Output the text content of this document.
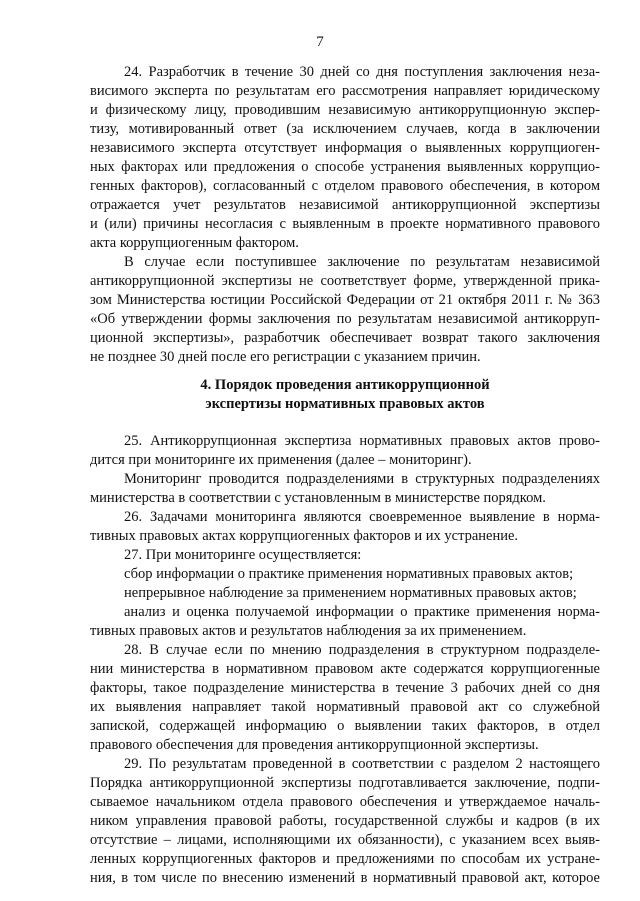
7
24. Разработчик в течение 30 дней со дня поступления заключения неза-
висимого эксперта по результатам его рассмотрения направляет юридическому
и физическому лицу, проводившим независимую антикоррупционную экспер-
тизу, мотивированный ответ (за исключением случаев, когда в заключении
независимого эксперта отсутствует информация о выявленных коррупциоген-
ных факторах или предложения о способе устранения выявленных коррупцио-
генных факторов), согласованный с отделом правового обеспечения, в котором
отражается учет результатов независимой антикоррупционной экспертизы
и (или) причины несогласия с выявленным в проекте нормативного правового
акта коррупциогенным фактором.
В случае если поступившее заключение по результатам независимой
антикоррупционной экспертизы не соответствует форме, утвержденной прика-
зом Министерства юстиции Российской Федерации от 21 октября 2011 г. № 363
«Об утверждении формы заключения по результатам независимой антикорруп-
ционной экспертизы», разработчик обеспечивает возврат такого заключения
не позднее 30 дней после его регистрации с указанием причин.
4. Порядок проведения антикоррупционной
экспертизы нормативных правовых актов
25. Антикоррупционная экспертиза нормативных правовых актов прово-
дится при мониторинге их применения (далее – мониторинг).
Мониторинг проводится подразделениями в структурных подразделениях
министерства в соответствии с установленным в министерстве порядком.
26. Задачами мониторинга являются своевременное выявление в норма-
тивных правовых актах коррупциогенных факторов и их устранение.
27. При мониторинге осуществляется:
сбор информации о практике применения нормативных правовых актов;
непрерывное наблюдение за применением нормативных правовых актов;
анализ и оценка получаемой информации о практике применения норма-
тивных правовых актов и результатов наблюдения за их применением.
28. В случае если по мнению подразделения в структурном подразделе-
нии министерства в нормативном правовом акте содержатся коррупциогенные
факторы, такое подразделение министерства в течение 3 рабочих дней со дня
их выявления направляет такой нормативный правовой акт со служебной
запиской, содержащей информацию о выявлении таких факторов, в отдел
правового обеспечения для проведения антикоррупционной экспертизы.
29. По результатам проведенной в соответствии с разделом 2 настоящего
Порядка антикоррупционной экспертизы подготавливается заключение, подпи-
сываемое начальником отдела правового обеспечения и утверждаемое началь-
ником управления правовой работы, государственной службы и кадров (в их
отсутствие – лицами, исполняющими их обязанности), с указанием всех выяв-
ленных коррупциогенных факторов и предложениями по способам их устране-
ния, в том числе по внесению изменений в нормативный правовой акт, которое
